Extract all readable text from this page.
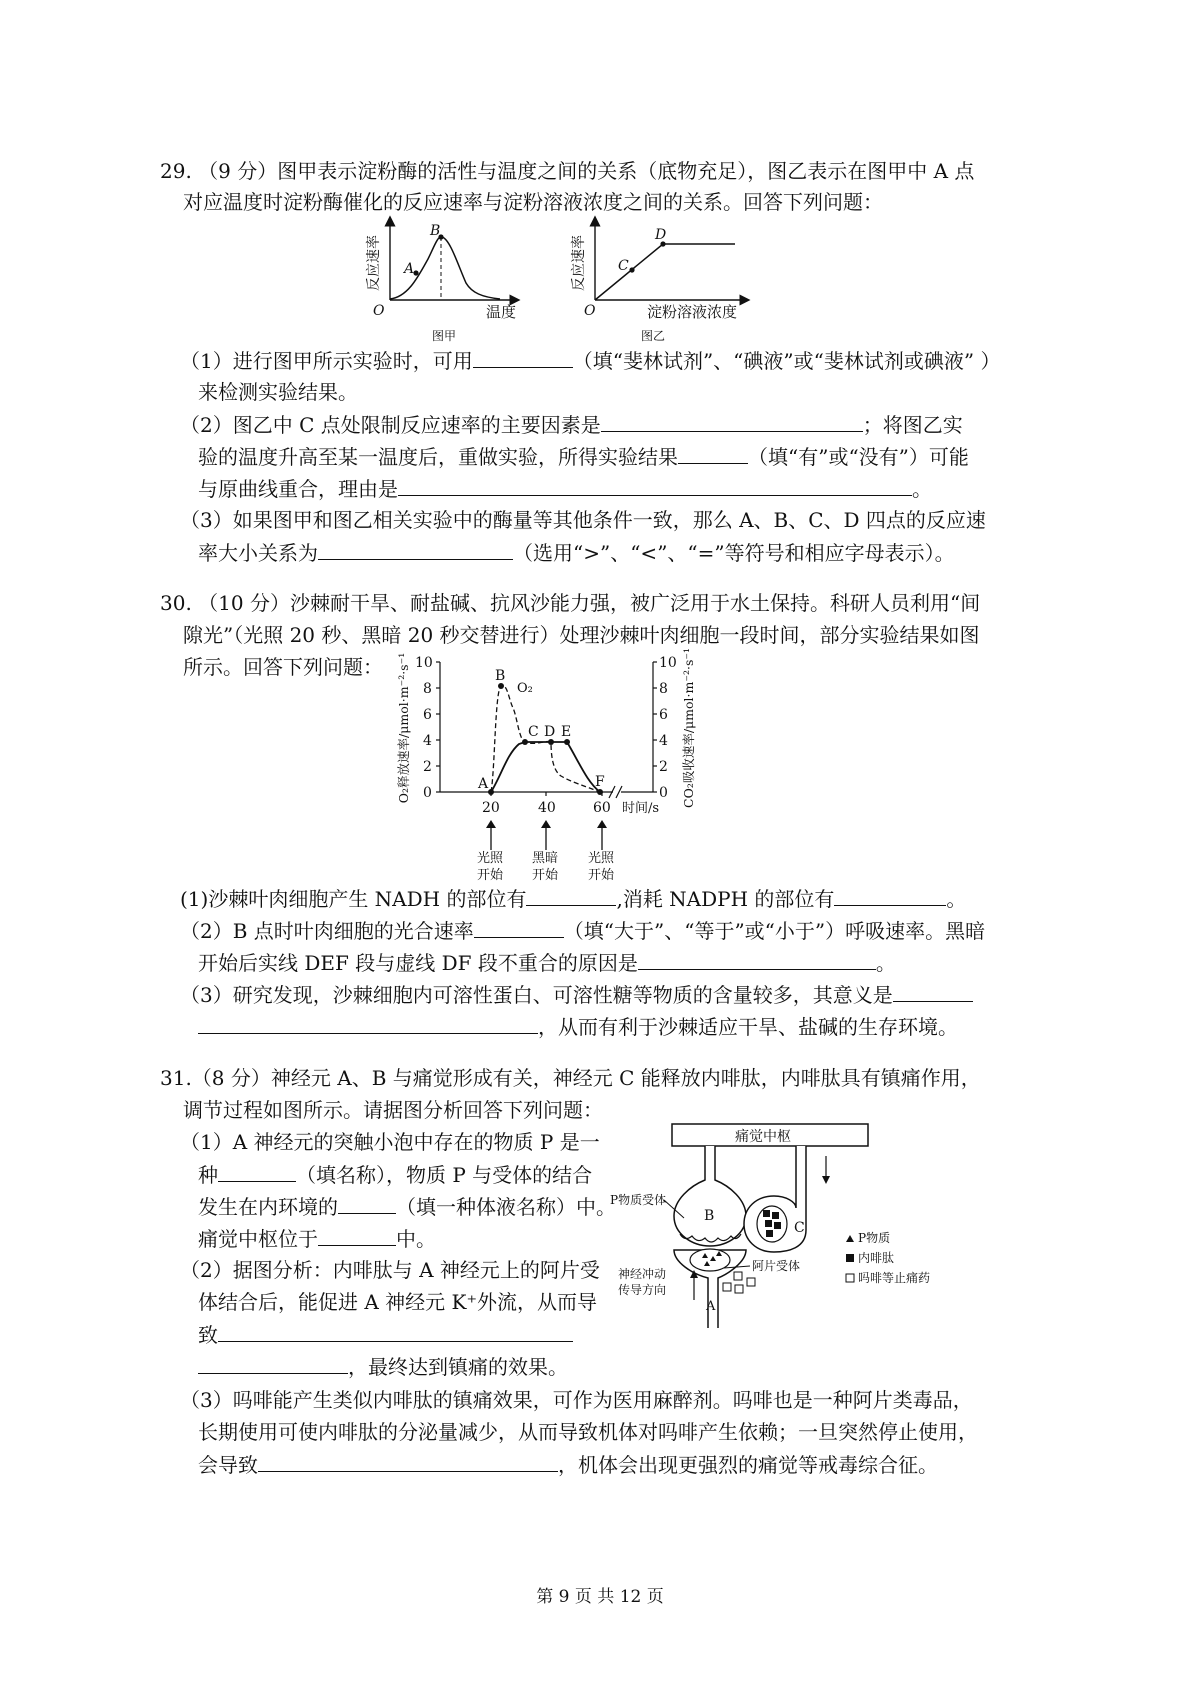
29. （9 分）图甲表示淀粉酶的活性与温度之间的关系（底物充足），图乙表示在图甲中 A 点
对应温度时淀粉酶催化的反应速率与淀粉溶液浓度之间的关系。回答下列问题：
A
B
O	温度
图甲
反应速率	C
D
O	淀粉溶液浓度
图乙
反应速率
（1）进行图甲所示实验时，可用	（填“斐林试剂”、“碘液”或“斐林试剂或碘液” ）
来检测实验结果。
（2）图乙中 C 点处限制反应速率的主要因素是	；将图乙实
验的温度升高至某一温度后，重做实验，所得实验结果	（填“有”或“没有”）可能
与原曲线重合，理由是	。
（3）如果图甲和图乙相关实验中的酶量等其他条件一致，那么 A、B、C、D 四点的反应速
率大小关系为	（选用“>”、“<”、“=”等符号和相应字母表示）。
30. （10 分）沙棘耐干旱、耐盐碱、抗风沙能力强，被广泛用于水土保持。科研人员利用“间
隙光”（光照 20 秒、黑暗 20 秒交替进行）处理沙棘叶肉细胞一段时间，部分实验结果如图
所示。回答下列问题：
0
2
4
6
8
10
0
2
4
6
8
10
20	40	60 时间/s
O₂释放速率/μmol·m⁻²·s⁻¹	CO₂吸收速率/μmol·m⁻²·s⁻¹
A
B
C D E
F
O₂
光照
开始
黑暗
开始
光照
开始
(1)沙棘叶肉细胞产生 NADH 的部位有	,消耗 NADPH 的部位有	。
（2）B 点时叶肉细胞的光合速率	（填“大于”、“等于”或“小于”）呼吸速率。黑暗
开始后实线 DEF 段与虚线 DF 段不重合的原因是	。
（3）研究发现，沙棘细胞内可溶性蛋白、可溶性糖等物质的含量较多，其意义是
，从而有利于沙棘适应干旱、盐碱的生存环境。
31.（8 分）神经元 A、B 与痛觉形成有关，神经元 C 能释放内啡肽，内啡肽具有镇痛作用，
调节过程如图所示。请据图分析回答下列问题：
（1）A 神经元的突触小泡中存在的物质 P 是一
种	（填名称），物质 P 与受体的结合
发生在内环境的	（填一种体液名称）中。
痛觉中枢位于	中。
（2）据图分析：内啡肽与 A 神经元上的阿片受
体结合后，能促进 A 神经元 K⁺外流，从而导
致
，最终达到镇痛的效果。
（3）吗啡能产生类似内啡肽的镇痛效果，可作为医用麻醉剂。吗啡也是一种阿片类毒品，
长期使用可使内啡肽的分泌量减少，从而导致机体对吗啡产生依赖；一旦突然停止使用，
会导致	，机体会出现更强烈的痛觉等戒毒综合征。
痛觉中枢
B
P物质受体
A
神经冲动
传导方向
阿片受体
C
P物质
内啡肽
吗啡等止痛药
第 9 页 共 12 页
